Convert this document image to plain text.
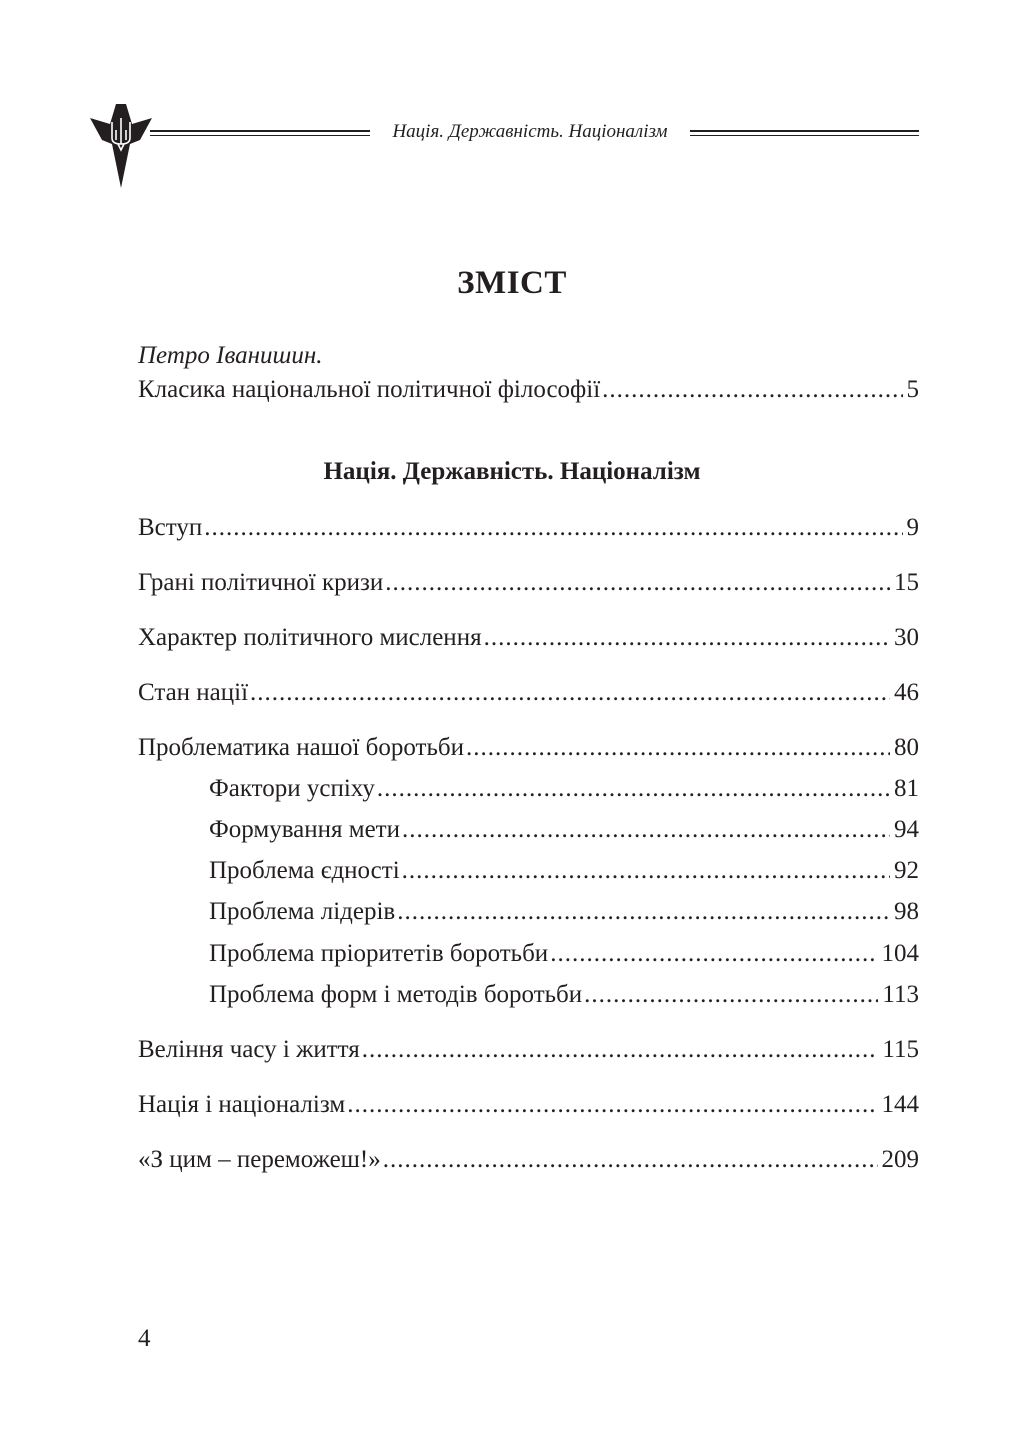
Нація. Державність. Націоналізм
ЗМІСТ
Петро Іванишин.
Класика національної політичної філософії .....	5
Нація. Державність. Націоналізм
Вступ .....	9
Грані політичної кризи .....	15
Характер політичного мислення .....	30
Стан нації .....	46
Проблематика нашої боротьби .....	80
Фактори успіху .....	81
Формування мети .....	94
Проблема єдності .....	92
Проблема лідерів .....	98
Проблема пріоритетів боротьби .....	104
Проблема форм і методів боротьби .....	113
Веління часу і життя .....	115
Нація і націоналізм .....	144
«З цим – переможеш!» .....	209
4
